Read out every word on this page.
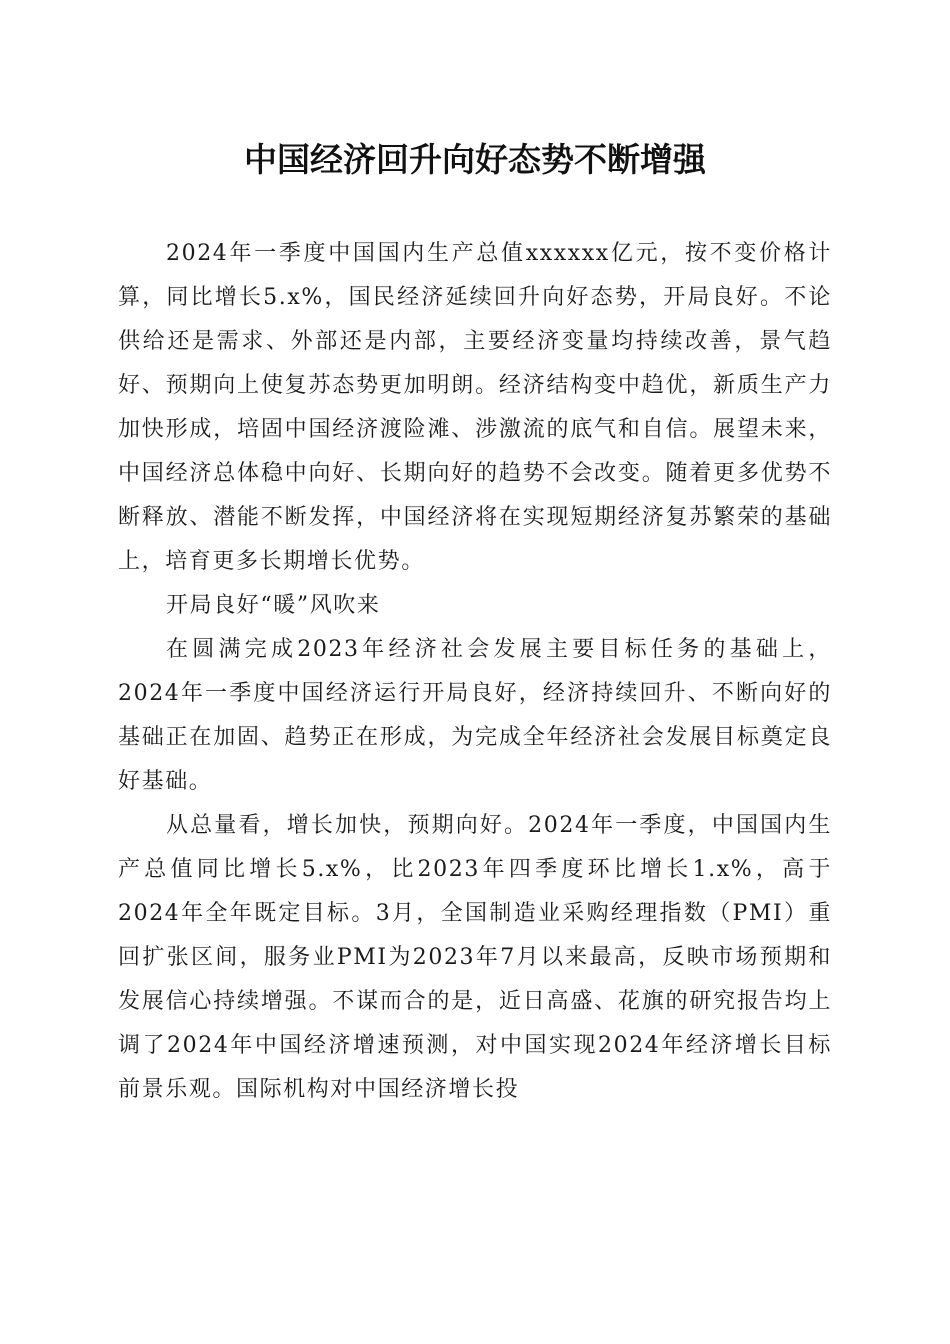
中国经济回升向好态势不断增强

2024年一季度中国国内生产总值xxxxxx亿元，按不变价格计算，同比增长5.x%，国民经济延续回升向好态势，开局良好。不论供给还是需求、外部还是内部，主要经济变量均持续改善，景气趋好、预期向上使复苏态势更加明朗。经济结构变中趋优，新质生产力加快形成，培固中国经济渡险滩、涉激流的底气和自信。展望未来，中国经济总体稳中向好、长期向好的趋势不会改变。随着更多优势不断释放、潜能不断发挥，中国经济将在实现短期经济复苏繁荣的基础上，培育更多长期增长优势。

开局良好“暖”风吹来

在圆满完成2023年经济社会发展主要目标任务的基础上，2024年一季度中国经济运行开局良好，经济持续回升、不断向好的基础正在加固、趋势正在形成，为完成全年经济社会发展目标奠定良好基础。

从总量看，增长加快，预期向好。2024年一季度，中国国内生产总值同比增长5.x%，比2023年四季度环比增长1.x%，高于2024年全年既定目标。3月，全国制造业采购经理指数（PMI）重回扩张区间，服务业PMI为2023年7月以来最高，反映市场预期和发展信心持续增强。不谋而合的是，近日高盛、花旗的研究报告均上调了2024年中国经济增速预测，对中国实现2024年经济增长目标前景乐观。国际机构对中国经济增长投
